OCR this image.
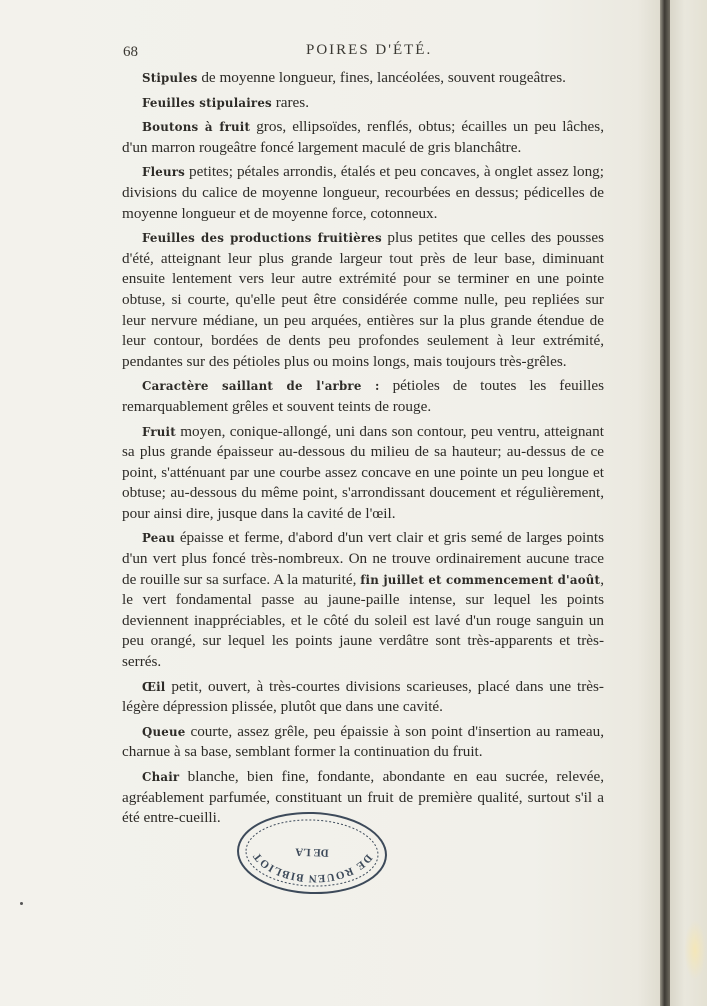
68	POIRES D'ÉTÉ.

Stipules de moyenne longueur, fines, lancéolées, souvent rougeâtres.

Feuilles stipulaires rares.

Boutons à fruit gros, ellipsoïdes, renflés, obtus; écailles un peu lâches, d'un marron rougeâtre foncé largement maculé de gris blanchâtre.

Fleurs petites; pétales arrondis, étalés et peu concaves, à onglet assez long; divisions du calice de moyenne longueur, recourbées en dessus; pédicelles de moyenne longueur et de moyenne force, cotonneux.

Feuilles des productions fruitières plus petites que celles des pousses d'été, atteignant leur plus grande largeur tout près de leur base, diminuant ensuite lentement vers leur autre extrémité pour se terminer en une pointe obtuse, si courte, qu'elle peut être considérée comme nulle, peu repliées sur leur nervure médiane, un peu arquées, entières sur la plus grande étendue de leur contour, bordées de dents peu profondes seulement à leur extrémité, pendantes sur des pétioles plus ou moins longs, mais toujours très-grêles.

Caractère saillant de l'arbre : pétioles de toutes les feuilles remarquablement grêles et souvent teints de rouge.

Fruit moyen, conique-allongé, uni dans son contour, peu ventru, atteignant sa plus grande épaisseur au-dessous du milieu de sa hauteur; au-dessus de ce point, s'atténuant par une courbe assez concave en une pointe un peu longue et obtuse; au-dessous du même point, s'arrondissant doucement et régulièrement, pour ainsi dire, jusque dans la cavité de l'œil.

Peau épaisse et ferme, d'abord d'un vert clair et gris semé de larges points d'un vert plus foncé très-nombreux. On ne trouve ordinairement aucune trace de rouille sur sa surface. A la maturité, fin juillet et commencement d'août, le vert fondamental passe au jaune-paille intense, sur lequel les points deviennent inappréciables, et le côté du soleil est lavé d'un rouge sanguin un peu orangé, sur lequel les points jaune verdâtre sont très-apparents et très-serrés.

Œil petit, ouvert, à très-courtes divisions scarieuses, placé dans une très-légère dépression plissée, plutôt que dans une cavité.

Queue courte, assez grêle, peu épaissie à son point d'insertion au rameau, charnue à sa base, semblant former la continuation du fruit.

Chair blanche, bien fine, fondante, abondante en eau sucrée, relevée, agréablement parfumée, constituant un fruit de première qualité, surtout s'il a été entre-cueilli.

DE ROUEN BIBLIOTHÈQUE
DE LA
